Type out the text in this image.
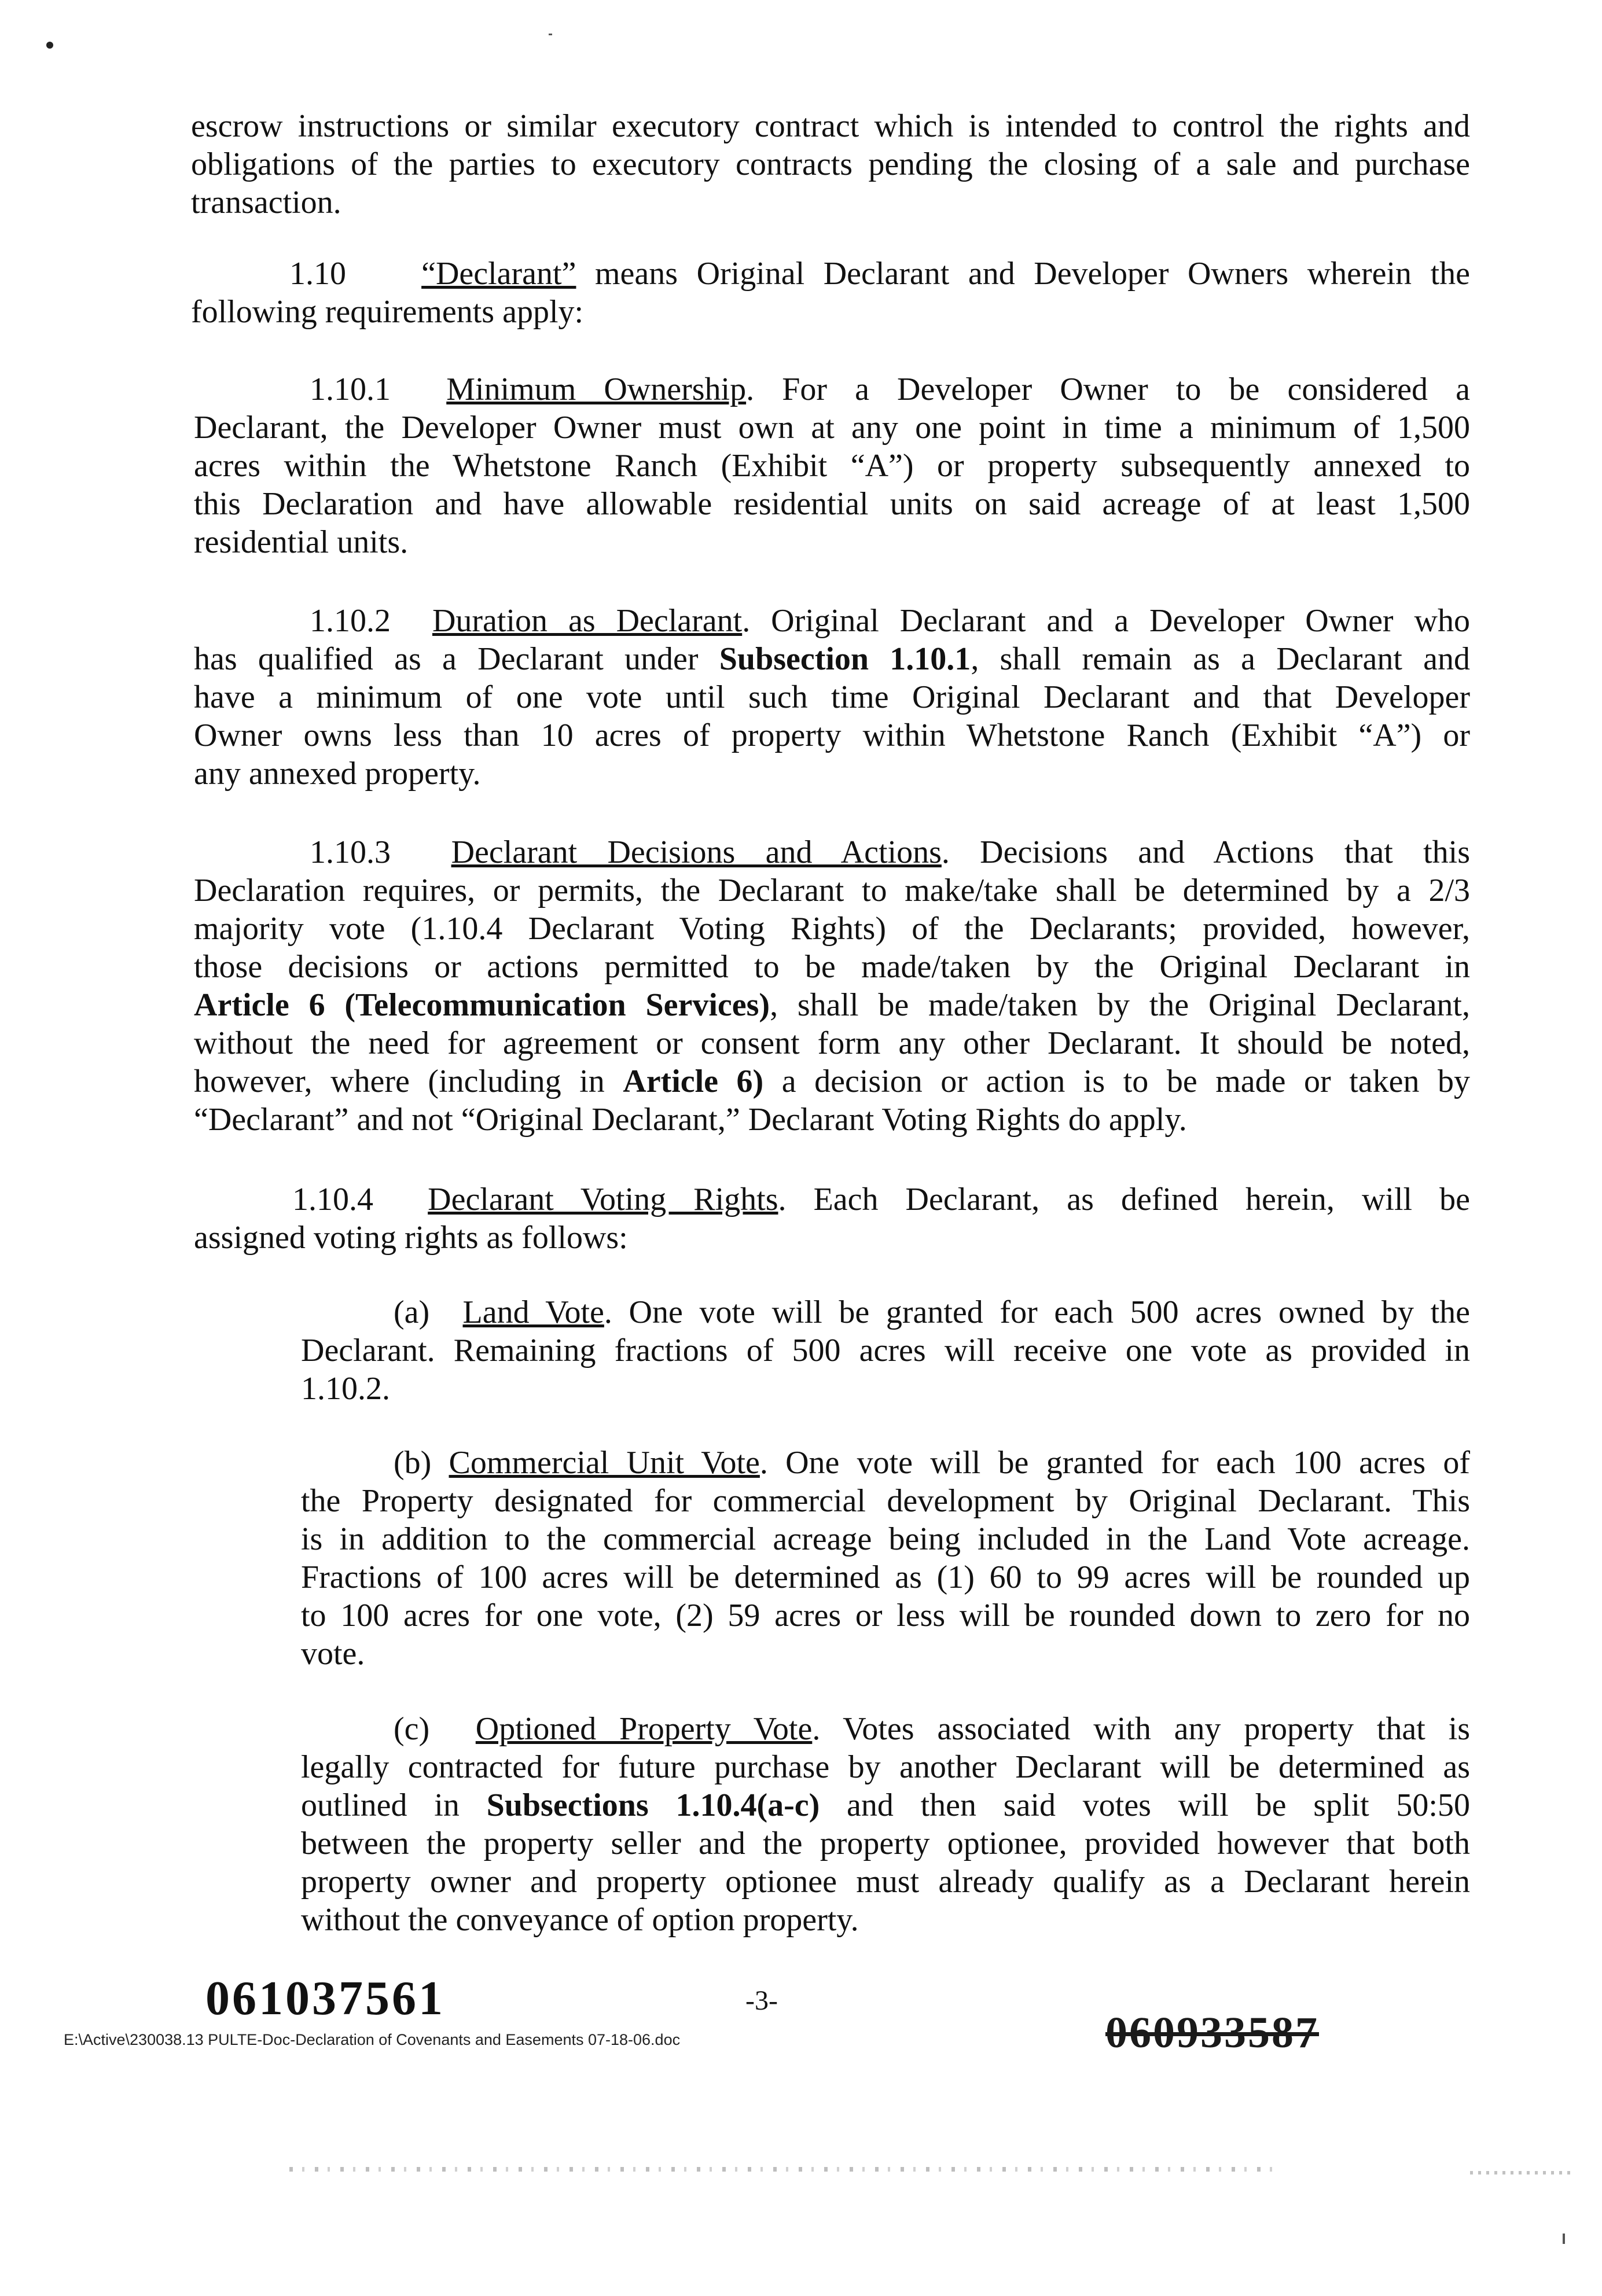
escrow instructions or similar executory contract which is intended to control the rights and
obligations of the parties to executory contracts pending the closing of a sale and purchase
transaction.
1.10 “Declarant” means Original Declarant and Developer Owners wherein the
following requirements apply:
1.10.1 Minimum Ownership. For a Developer Owner to be considered a
Declarant, the Developer Owner must own at any one point in time a minimum of 1,500
acres within the Whetstone Ranch (Exhibit “A”) or property subsequently annexed to
this Declaration and have allowable residential units on said acreage of at least 1,500
residential units.
1.10.2 Duration as Declarant. Original Declarant and a Developer Owner who
has qualified as a Declarant under Subsection 1.10.1, shall remain as a Declarant and
have a minimum of one vote until such time Original Declarant and that Developer
Owner owns less than 10 acres of property within Whetstone Ranch (Exhibit “A”) or
any annexed property.
1.10.3 Declarant Decisions and Actions. Decisions and Actions that this
Declaration requires, or permits, the Declarant to make/take shall be determined by a 2/3
majority vote (1.10.4 Declarant Voting Rights) of the Declarants; provided, however,
those decisions or actions permitted to be made/taken by the Original Declarant in
Article 6 (Telecommunication Services), shall be made/taken by the Original Declarant,
without the need for agreement or consent form any other Declarant. It should be noted,
however, where (including in Article 6) a decision or action is to be made or taken by
“Declarant” and not “Original Declarant,” Declarant Voting Rights do apply.
1.10.4 Declarant Voting Rights. Each Declarant, as defined herein, will be
assigned voting rights as follows:
(a) Land Vote. One vote will be granted for each 500 acres owned by the
Declarant. Remaining fractions of 500 acres will receive one vote as provided in
1.10.2.
(b) Commercial Unit Vote. One vote will be granted for each 100 acres of
the Property designated for commercial development by Original Declarant. This
is in addition to the commercial acreage being included in the Land Vote acreage.
Fractions of 100 acres will be determined as (1) 60 to 99 acres will be rounded up
to 100 acres for one vote, (2) 59 acres or less will be rounded down to zero for no
vote.
(c) Optioned Property Vote. Votes associated with any property that is
legally contracted for future purchase by another Declarant will be determined as
outlined in Subsections 1.10.4(a-c) and then said votes will be split 50:50
between the property seller and the property optionee, provided however that both
property owner and property optionee must already qualify as a Declarant herein
without the conveyance of option property.
061037561	-3-
E:\Active\230038.13 PULTE-Doc-Declaration of Covenants and Easements 07-18-06.doc	060933587
